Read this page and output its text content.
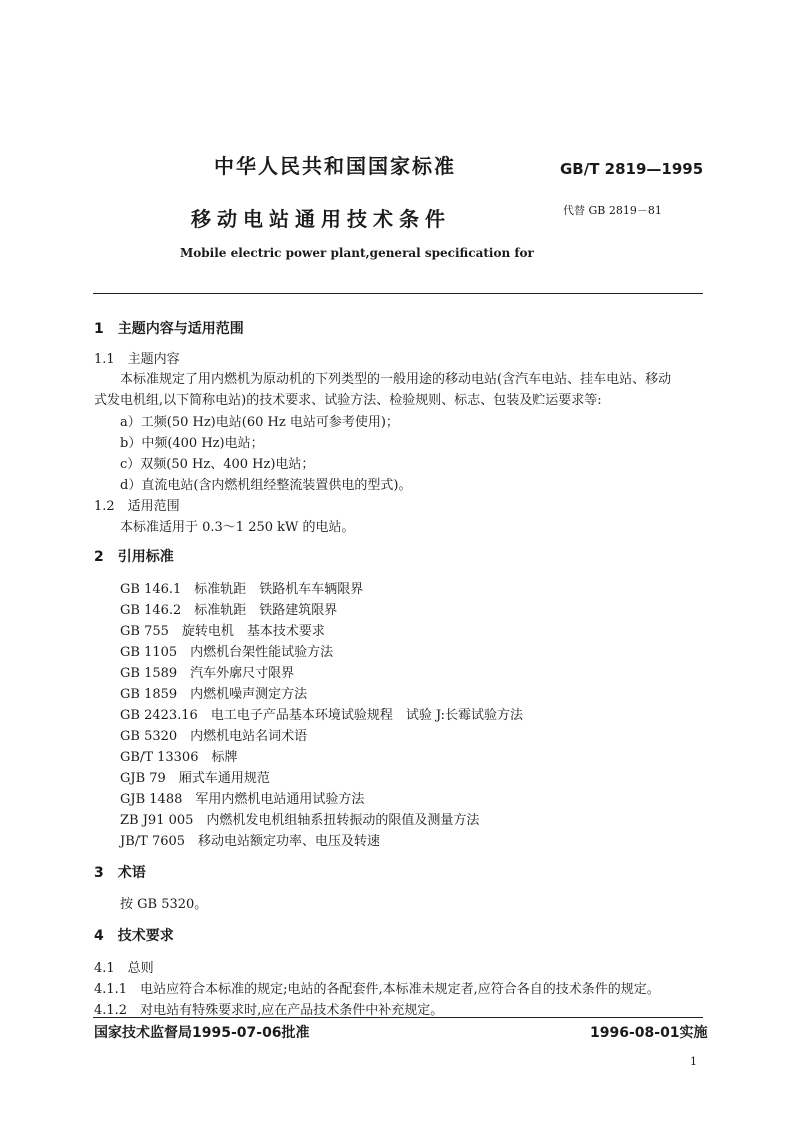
中华人民共和国国家标准	GB/T 2819—1995
移动电站通用技术条件	代替 GB 2819－81
Mobile electric power plant,general specification for
1　主题内容与适用范围
1.1　主题内容
本标准规定了用内燃机为原动机的下列类型的一般用途的移动电站(含汽车电站、挂车电站、移动
式发电机组,以下简称电站)的技术要求、试验方法、检验规则、标志、包装及贮运要求等:
a）工频(50 Hz)电站(60 Hz 电站可参考使用)；
b）中频(400 Hz)电站；
c）双频(50 Hz、400 Hz)电站；
d）直流电站(含内燃机组经整流装置供电的型式)。
1.2　适用范围
本标准适用于 0.3～1 250 kW 的电站。
2　引用标准
GB 146.1　标准轨距　铁路机车车辆限界
GB 146.2　标准轨距　铁路建筑限界
GB 755　旋转电机　基本技术要求
GB 1105　内燃机台架性能试验方法
GB 1589　汽车外廓尺寸限界
GB 1859　内燃机噪声测定方法
GB 2423.16　电工电子产品基本环境试验规程　试验 J:长霉试验方法
GB 5320　内燃机电站名词术语
GB/T 13306　标牌
GJB 79　厢式车通用规范
GJB 1488　军用内燃机电站通用试验方法
ZB J91 005　内燃机发电机组轴系扭转振动的限值及测量方法
JB/T 7605　移动电站额定功率、电压及转速
3　术语
按 GB 5320。
4　技术要求
4.1　总则
4.1.1　电站应符合本标准的规定;电站的各配套件,本标准未规定者,应符合各自的技术条件的规定。
4.1.2　对电站有特殊要求时,应在产品技术条件中补充规定。
国家技术监督局1995-07-06批准	1996-08-01实施
1
